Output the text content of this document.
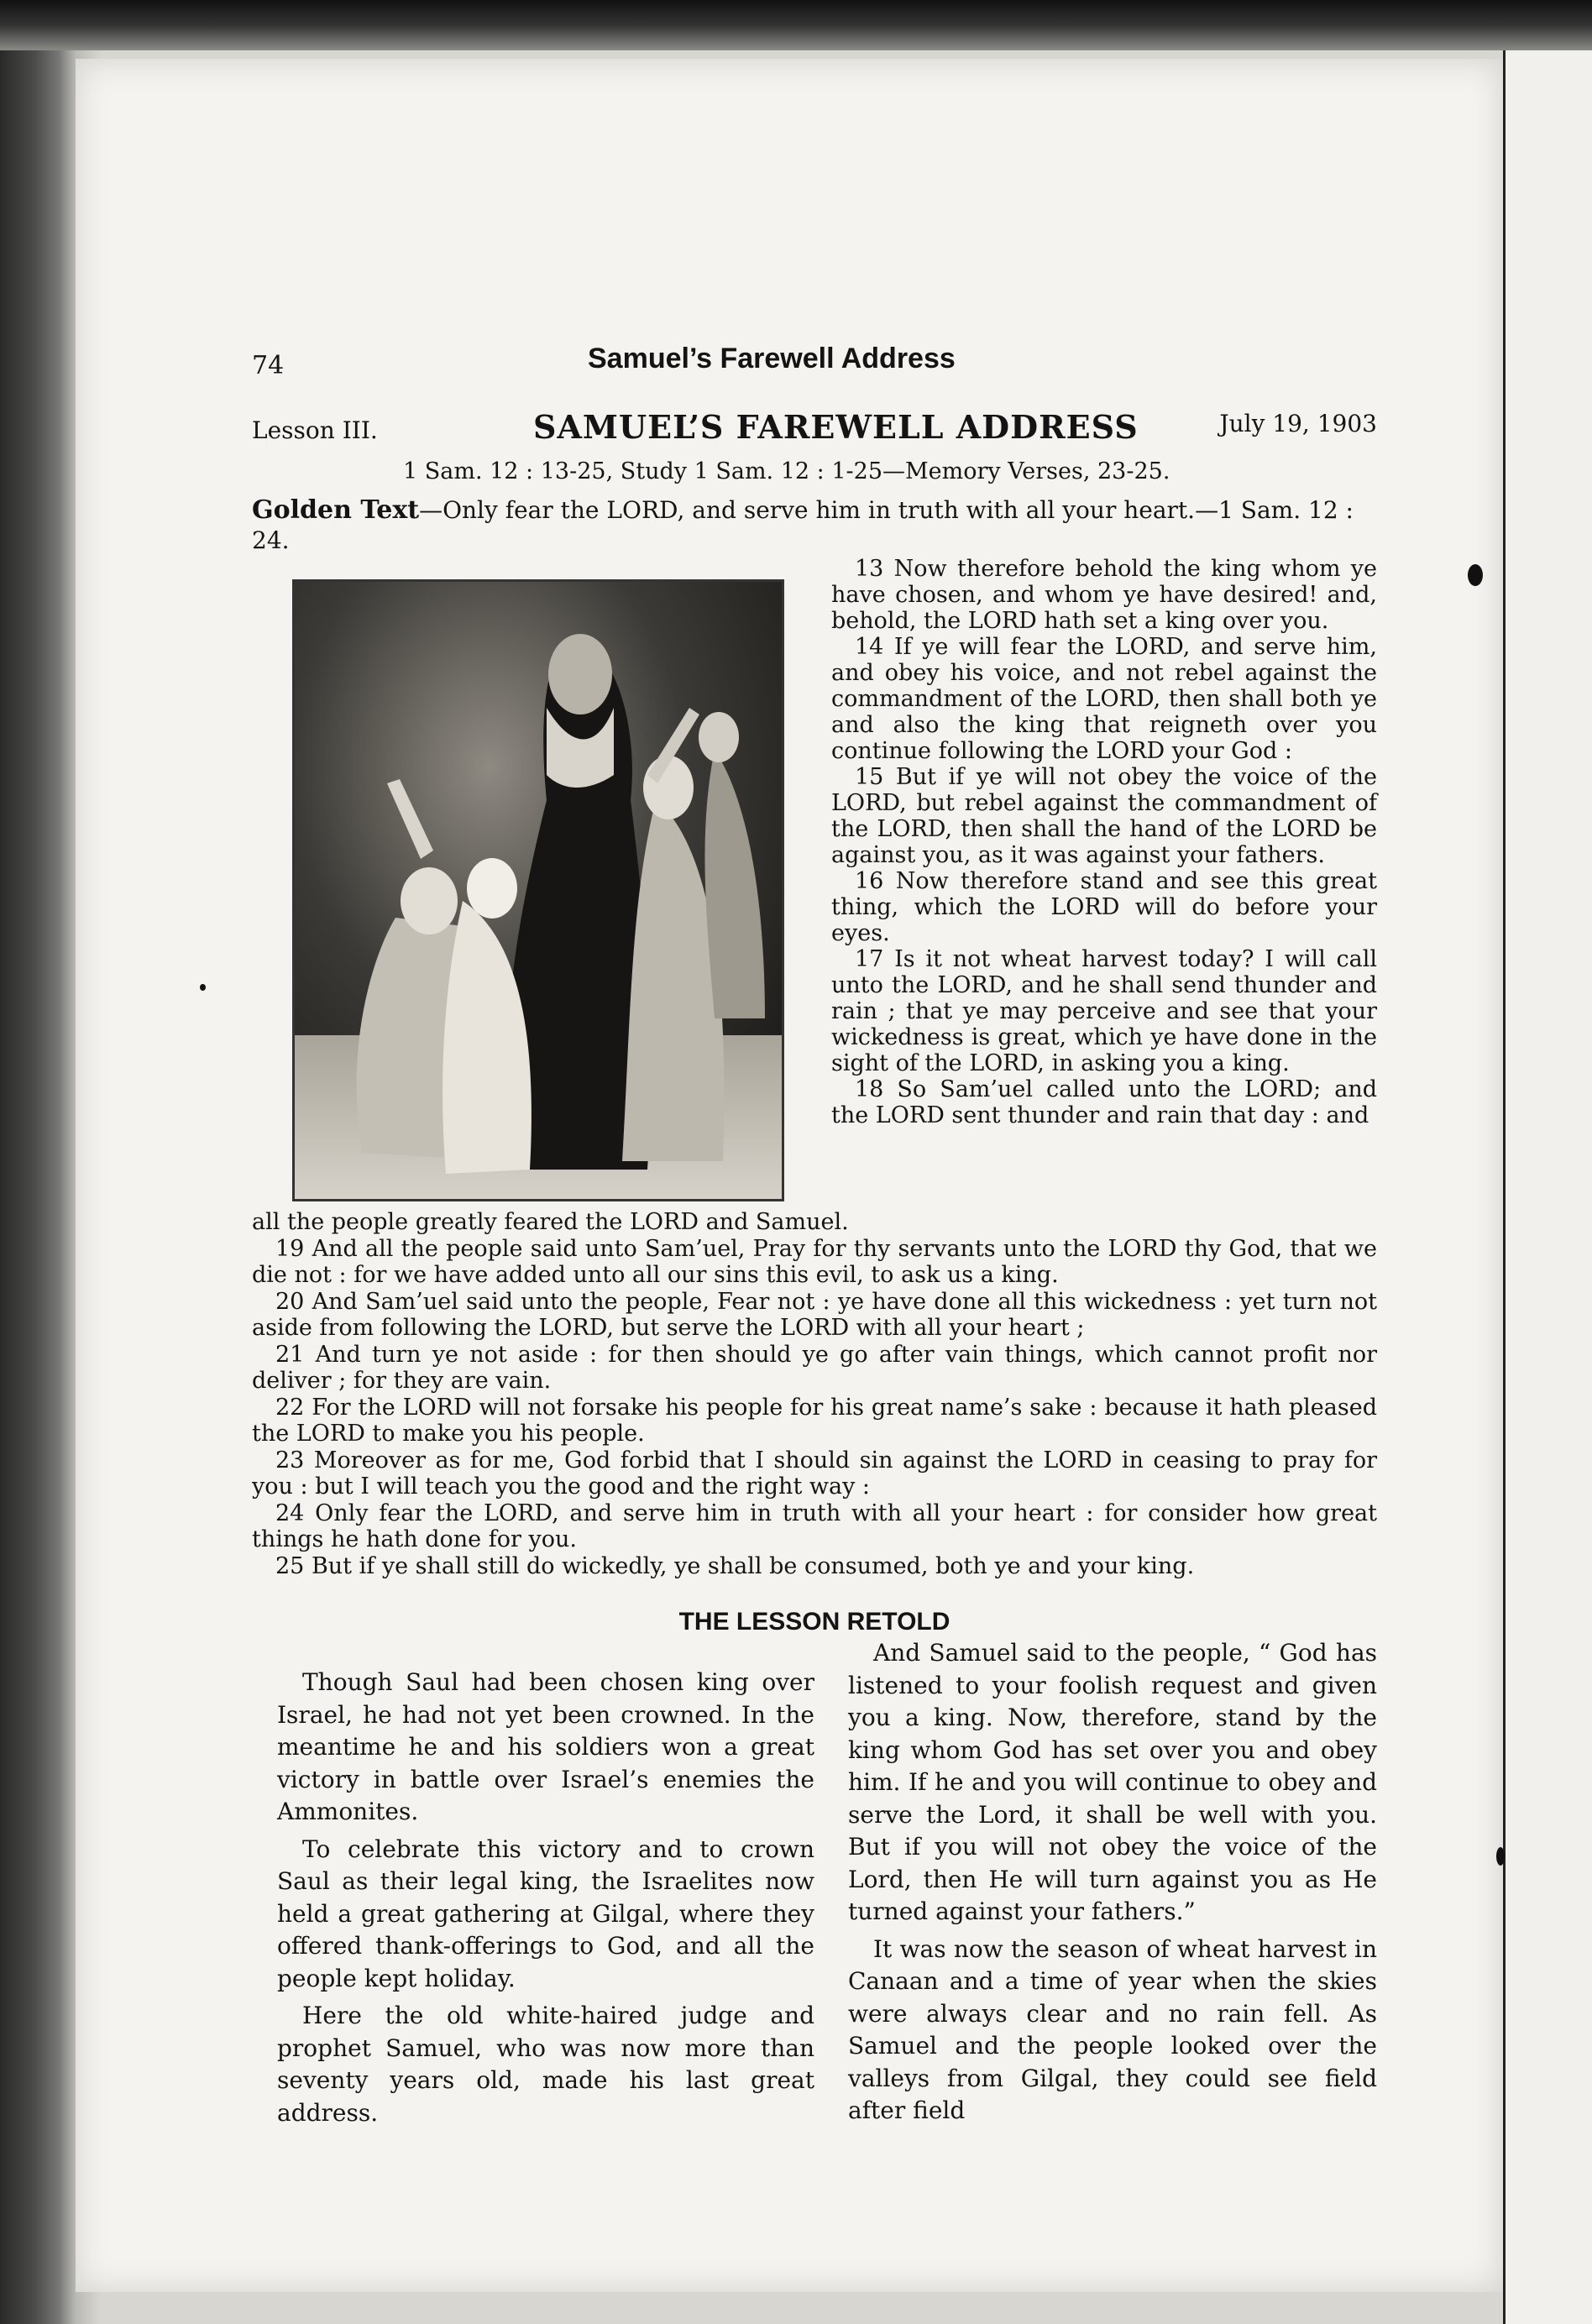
74	Samuel’s Farewell Address
Lesson III.	SAMUEL’S FAREWELL ADDRESS	July 19, 1903
1 Sam. 12 : 13-25, Study 1 Sam. 12 : 1-25—Memory Verses, 23-25.
Golden Text—Only fear the LORD, and serve him in truth with all your heart.—1 Sam. 12 : 24.

13 Now therefore behold the king whom ye have chosen, and whom ye have desired! and, behold, the LORD hath set a king over you.

14 If ye will fear the LORD, and serve him, and obey his voice, and not rebel against the commandment of the LORD, then shall both ye and also the king that reigneth over you continue following the LORD your God :

15 But if ye will not obey the voice of the LORD, but rebel against the commandment of the LORD, then shall the hand of the LORD be against you, as it was against your fathers.

16 Now therefore stand and see this great thing, which the LORD will do before your eyes.

17 Is it not wheat harvest today? I will call unto the LORD, and he shall send thunder and rain ; that ye may perceive and see that your wickedness is great, which ye have done in the sight of the LORD, in asking you a king.

18 So Sam’uel called unto the LORD; and the LORD sent thunder and rain that day : and

all the people greatly feared the LORD and Samuel.

19 And all the people said unto Sam’uel, Pray for thy servants unto the LORD thy God, that we die not : for we have added unto all our sins this evil, to ask us a king.

20 And Sam’uel said unto the people, Fear not : ye have done all this wickedness : yet turn not aside from following the LORD, but serve the LORD with all your heart ;

21 And turn ye not aside : for then should ye go after vain things, which cannot profit nor deliver ; for they are vain.

22 For the LORD will not forsake his people for his great name’s sake : because it hath pleased the LORD to make you his people.

23 Moreover as for me, God forbid that I should sin against the LORD in ceasing to pray for you : but I will teach you the good and the right way :

24 Only fear the LORD, and serve him in truth with all your heart : for consider how great things he hath done for you.

25 But if ye shall still do wickedly, ye shall be consumed, both ye and your king.

THE LESSON RETOLD

Though Saul had been chosen king over Israel, he had not yet been crowned. In the meantime he and his soldiers won a great victory in battle over Israel’s enemies the Ammonites.

To celebrate this victory and to crown Saul as their legal king, the Israelites now held a great gathering at Gilgal, where they offered thank-offerings to God, and all the people kept holiday.

Here the old white-haired judge and prophet Samuel, who was now more than seventy years old, made his last great address.

And Samuel said to the people, “ God has listened to your foolish request and given you a king. Now, therefore, stand by the king whom God has set over you and obey him. If he and you will continue to obey and serve the Lord, it shall be well with you. But if you will not obey the voice of the Lord, then He will turn against you as He turned against your fathers.”

It was now the season of wheat harvest in Canaan and a time of year when the skies were always clear and no rain fell. As Samuel and the people looked over the valleys from Gilgal, they could see field after field
